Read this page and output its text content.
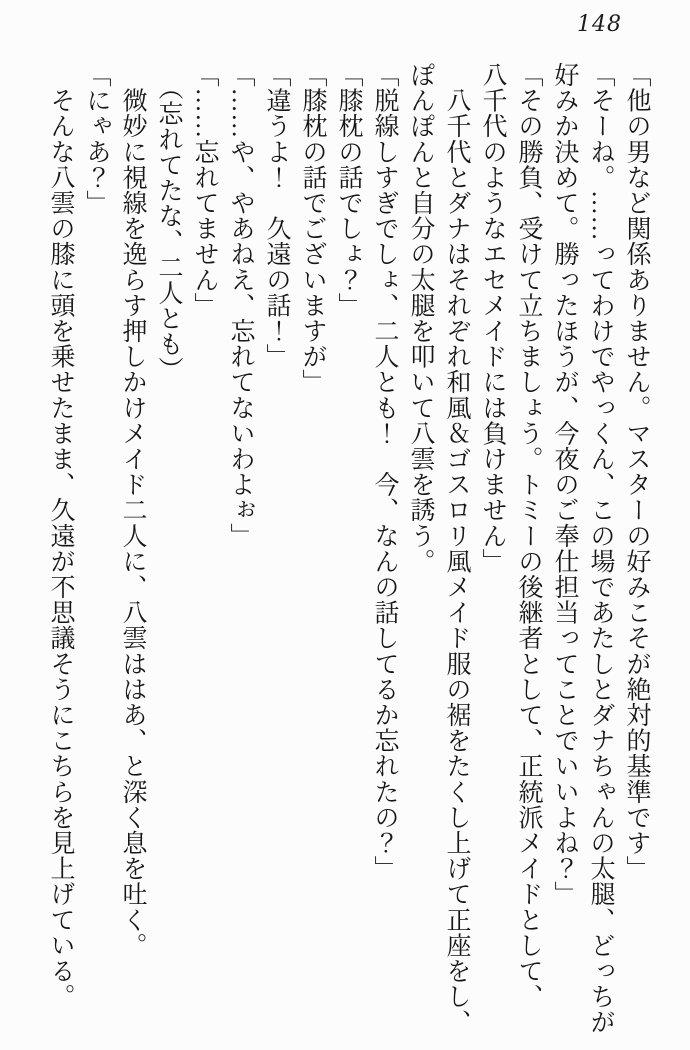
148

「他の男など関係ありません。マスターの好みこそが絶対的基準です」

「そーね。……ってわけでやっくん、この場であたしとダナちゃんの太腿、どっちが

好みか決めて。勝ったほうが、今夜のご奉仕担当ってことでいいよね？」

「その勝負、受けて立ちましょう。トミーの後継者として、正統派メイドとして、

八千代のようなエセメイドには負けません」

　八千代とダナはそれぞれ和風＆ゴスロリ風メイド服の裾をたくし上げて正座をし、

ぽんぽんと自分の太腿を叩いて八雲を誘う。

「脱線しすぎでしょ、二人とも！　今、なんの話してるか忘れたの？」

「膝枕の話でしょ？」

「膝枕の話でございますが」

「違うよ！　久遠の話！」

「……や、やあねえ、忘れてないわよぉ」

「……忘れてません」

　（忘れてたな、二人とも）

　微妙に視線を逸らす押しかけメイド二人に、八雲ははあ、と深く息を吐く。

「にゃあ？」

　そんな八雲の膝に頭を乗せたまま、久遠が不思議そうにこちらを見上げている。
